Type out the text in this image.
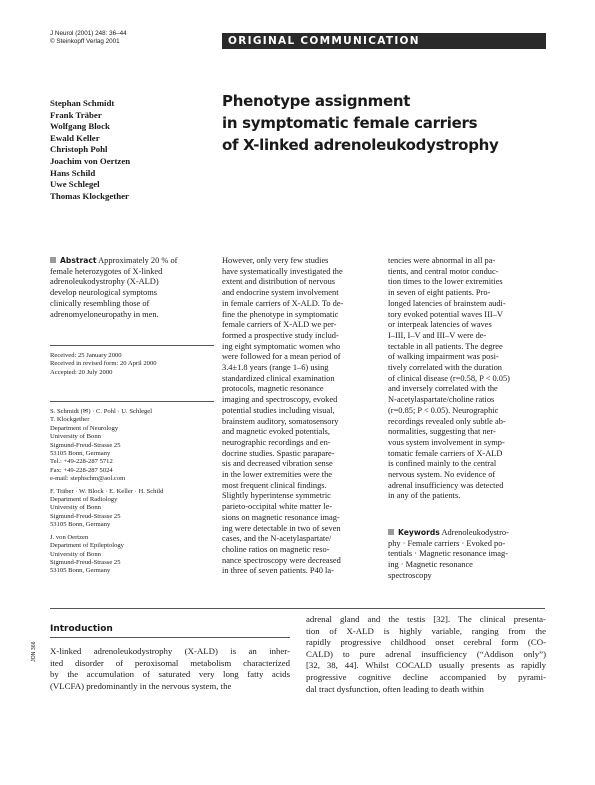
J Neurol (2001) 248: 36–44
© Steinkopff Verlag 2001	ORIGINAL COMMUNICATION
Stephan Schmidt
Frank Träber
Wolfgang Block
Ewald Keller
Christoph Pohl
Joachim von Oertzen
Hans Schild
Uwe Schlegel
Thomas Klockgether
Phenotype assignment
in symptomatic female carriers
of X-linked adrenoleukodystrophy
Abstract Approximately 20 % of
female heterozygotes of X-linked
adrenoleukodystrophy (X-ALD)
develop neurological symptoms
clinically resembling those of
adrenomyeloneuropathy in men.
Received: 25 January 2000
Received in revised form: 20 April 2000
Accepted: 20 July 2000
S. Schmidt (✉) · C. Pohl · U. Schlegel
T. Klockgether
Department of Neurology
University of Bonn
Sigmund-Freud-Strasse 25
53105 Bonn, Germany
Tel.: +49-228-287 5712
Fax: +49-228-287 5024
e-mail: stephschm@aol.com
F. Träber · W. Block · E. Keller · H. Schild
Department of Radiology
University of Bonn
Sigmund-Freud-Strasse 25
53105 Bonn, Germany
J. von Oertzen
Department of Epileptology
University of Bonn
Sigmund-Freud-Strasse 25
53105 Bonn, Germany
However, only very few studies
have systematically investigated the
extent and distribution of nervous
and endocrine system involvement
in female carriers of X-ALD. To de-
fine the phenotype in symptomatic
female carriers of X-ALD we per-
formed a prospective study includ-
ing eight symptomatic women who
were followed for a mean period of
3.4±1.8 years (range 1–6) using
standardized clinical examination
protocols, magnetic resonance
imaging and spectroscopy, evoked
potential studies including visual,
brainstem auditory, somatosensory
and magnetic evoked potentials,
neurographic recordings and en-
docrine studies. Spastic parapare-
sis and decreased vibration sense
in the lower extremities were the
most frequent clinical findings.
Slightly hyperintense symmetric
parieto-occipital white matter le-
sions on magnetic resonance imag-
ing were detectable in two of seven
cases, and the N-acetylaspartate/
choline ratios on magnetic reso-
nance spectroscopy were decreased
in three of seven patients. P40 la-
tencies were abnormal in all pa-
tients, and central motor conduc-
tion times to the lower extremities
in seven of eight patients. Pro-
longed latencies of brainstem audi-
tory evoked potential waves III–V
or interpeak latencies of waves
I–III, I–V and III–V were de-
tectable in all patients. The degree
of walking impairment was posi-
tively correlated with the duration
of clinical disease (r=0.58, P < 0.05)
and inversely correlated with the
N-acetylaspartate/choline ratios
(r=0.85; P < 0.05). Neurographic
recordings revealed only subtle ab-
normalities, suggesting that ner-
vous system involvement in symp-
tomatic female carriers of X-ALD
is confined mainly to the central
nervous system. No evidence of
adrenal insufficiency was detected
in any of the patients.
Keywords Adrenoleukodystro-
phy · Female carriers · Evoked po-
tentials · Magnetic resonance imag-
ing · Magnetic resonance
spectroscopy
Introduction
X-linked adrenoleukodystrophy (X-ALD) is an inher-
ited disorder of peroxisomal metabolism characterized
by the accumulation of saturated very long fatty acids
(VLCFA) predominantly in the nervous system, the
adrenal gland and the testis [32]. The clinical presenta-
tion of X-ALD is highly variable, ranging from the
rapidly progressive childhood onset cerebral form (CO-
CALD) to pure adrenal insufficiency (“Addison only”)
[32, 38, 44]. Whilst COCALD usually presents as rapidly
progressive cognitive decline accompanied by pyrami-
dal tract dysfunction, often leading to death within
JON 366
